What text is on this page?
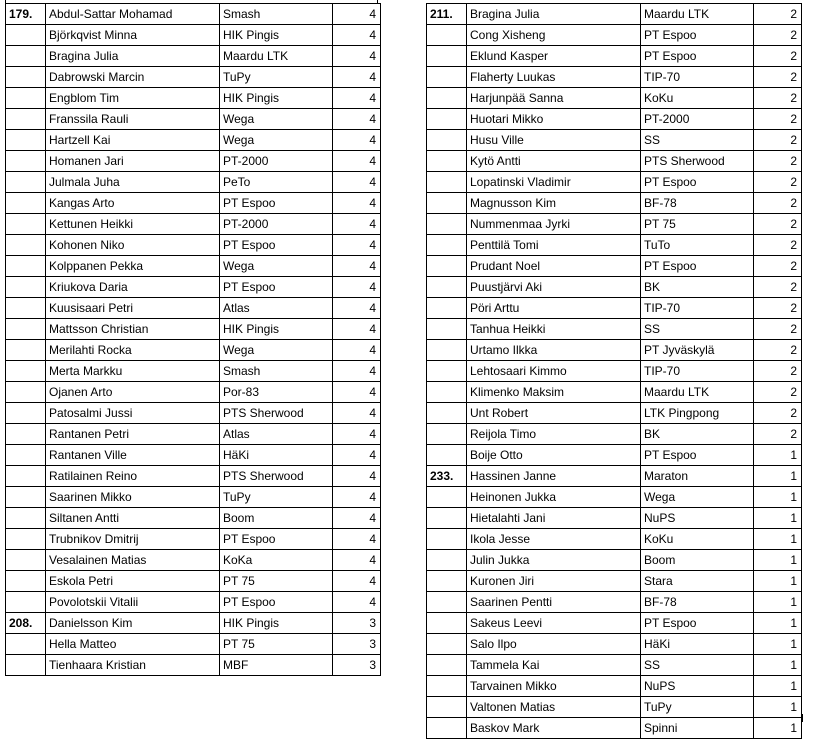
179.	Abdul-Sattar Mohamad	Smash	4
	Björkqvist Minna	HIK Pingis	4
	Bragina Julia	Maardu LTK	4
	Dabrowski Marcin	TuPy	4
	Engblom Tim	HIK Pingis	4
	Franssila Rauli	Wega	4
	Hartzell Kai	Wega	4
	Homanen Jari	PT-2000	4
	Julmala Juha	PeTo	4
	Kangas Arto	PT Espoo	4
	Kettunen Heikki	PT-2000	4
	Kohonen Niko	PT Espoo	4
	Kolppanen Pekka	Wega	4
	Kriukova Daria	PT Espoo	4
	Kuusisaari Petri	Atlas	4
	Mattsson Christian	HIK Pingis	4
	Merilahti Rocka	Wega	4
	Merta Markku	Smash	4
	Ojanen Arto	Por-83	4
	Patosalmi Jussi	PTS Sherwood	4
	Rantanen Petri	Atlas	4
	Rantanen Ville	HäKi	4
	Ratilainen Reino	PTS Sherwood	4
	Saarinen Mikko	TuPy	4
	Siltanen Antti	Boom	4
	Trubnikov Dmitrij	PT Espoo	4
	Vesalainen Matias	KoKa	4
	Eskola Petri	PT 75	4
	Povolotskii Vitalii	PT Espoo	4
208.	Danielsson Kim	HIK Pingis	3
	Hella Matteo	PT 75	3
	Tienhaara Kristian	MBF	3
211.	Bragina Julia	Maardu LTK	2
	Cong Xisheng	PT Espoo	2
	Eklund Kasper	PT Espoo	2
	Flaherty Luukas	TIP-70	2
	Harjunpää Sanna	KoKu	2
	Huotari Mikko	PT-2000	2
	Husu Ville	SS	2
	Kytö Antti	PTS Sherwood	2
	Lopatinski Vladimir	PT Espoo	2
	Magnusson Kim	BF-78	2
	Nummenmaa Jyrki	PT 75	2
	Penttilä Tomi	TuTo	2
	Prudant Noel	PT Espoo	2
	Puustjärvi Aki	BK	2
	Pöri Arttu	TIP-70	2
	Tanhua Heikki	SS	2
	Urtamo Ilkka	PT Jyväskylä	2
	Lehtosaari Kimmo	TIP-70	2
	Klimenko Maksim	Maardu LTK	2
	Unt Robert	LTK Pingpong	2
	Reijola Timo	BK	2
	Boije Otto	PT Espoo	1
233.	Hassinen Janne	Maraton	1
	Heinonen Jukka	Wega	1
	Hietalahti Jani	NuPS	1
	Ikola Jesse	KoKu	1
	Julin Jukka	Boom	1
	Kuronen Jiri	Stara	1
	Saarinen Pentti	BF-78	1
	Sakeus Leevi	PT Espoo	1
	Salo Ilpo	HäKi	1
	Tammela Kai	SS	1
	Tarvainen Mikko	NuPS	1
	Valtonen Matias	TuPy	1
	Baskov Mark	Spinni	1
